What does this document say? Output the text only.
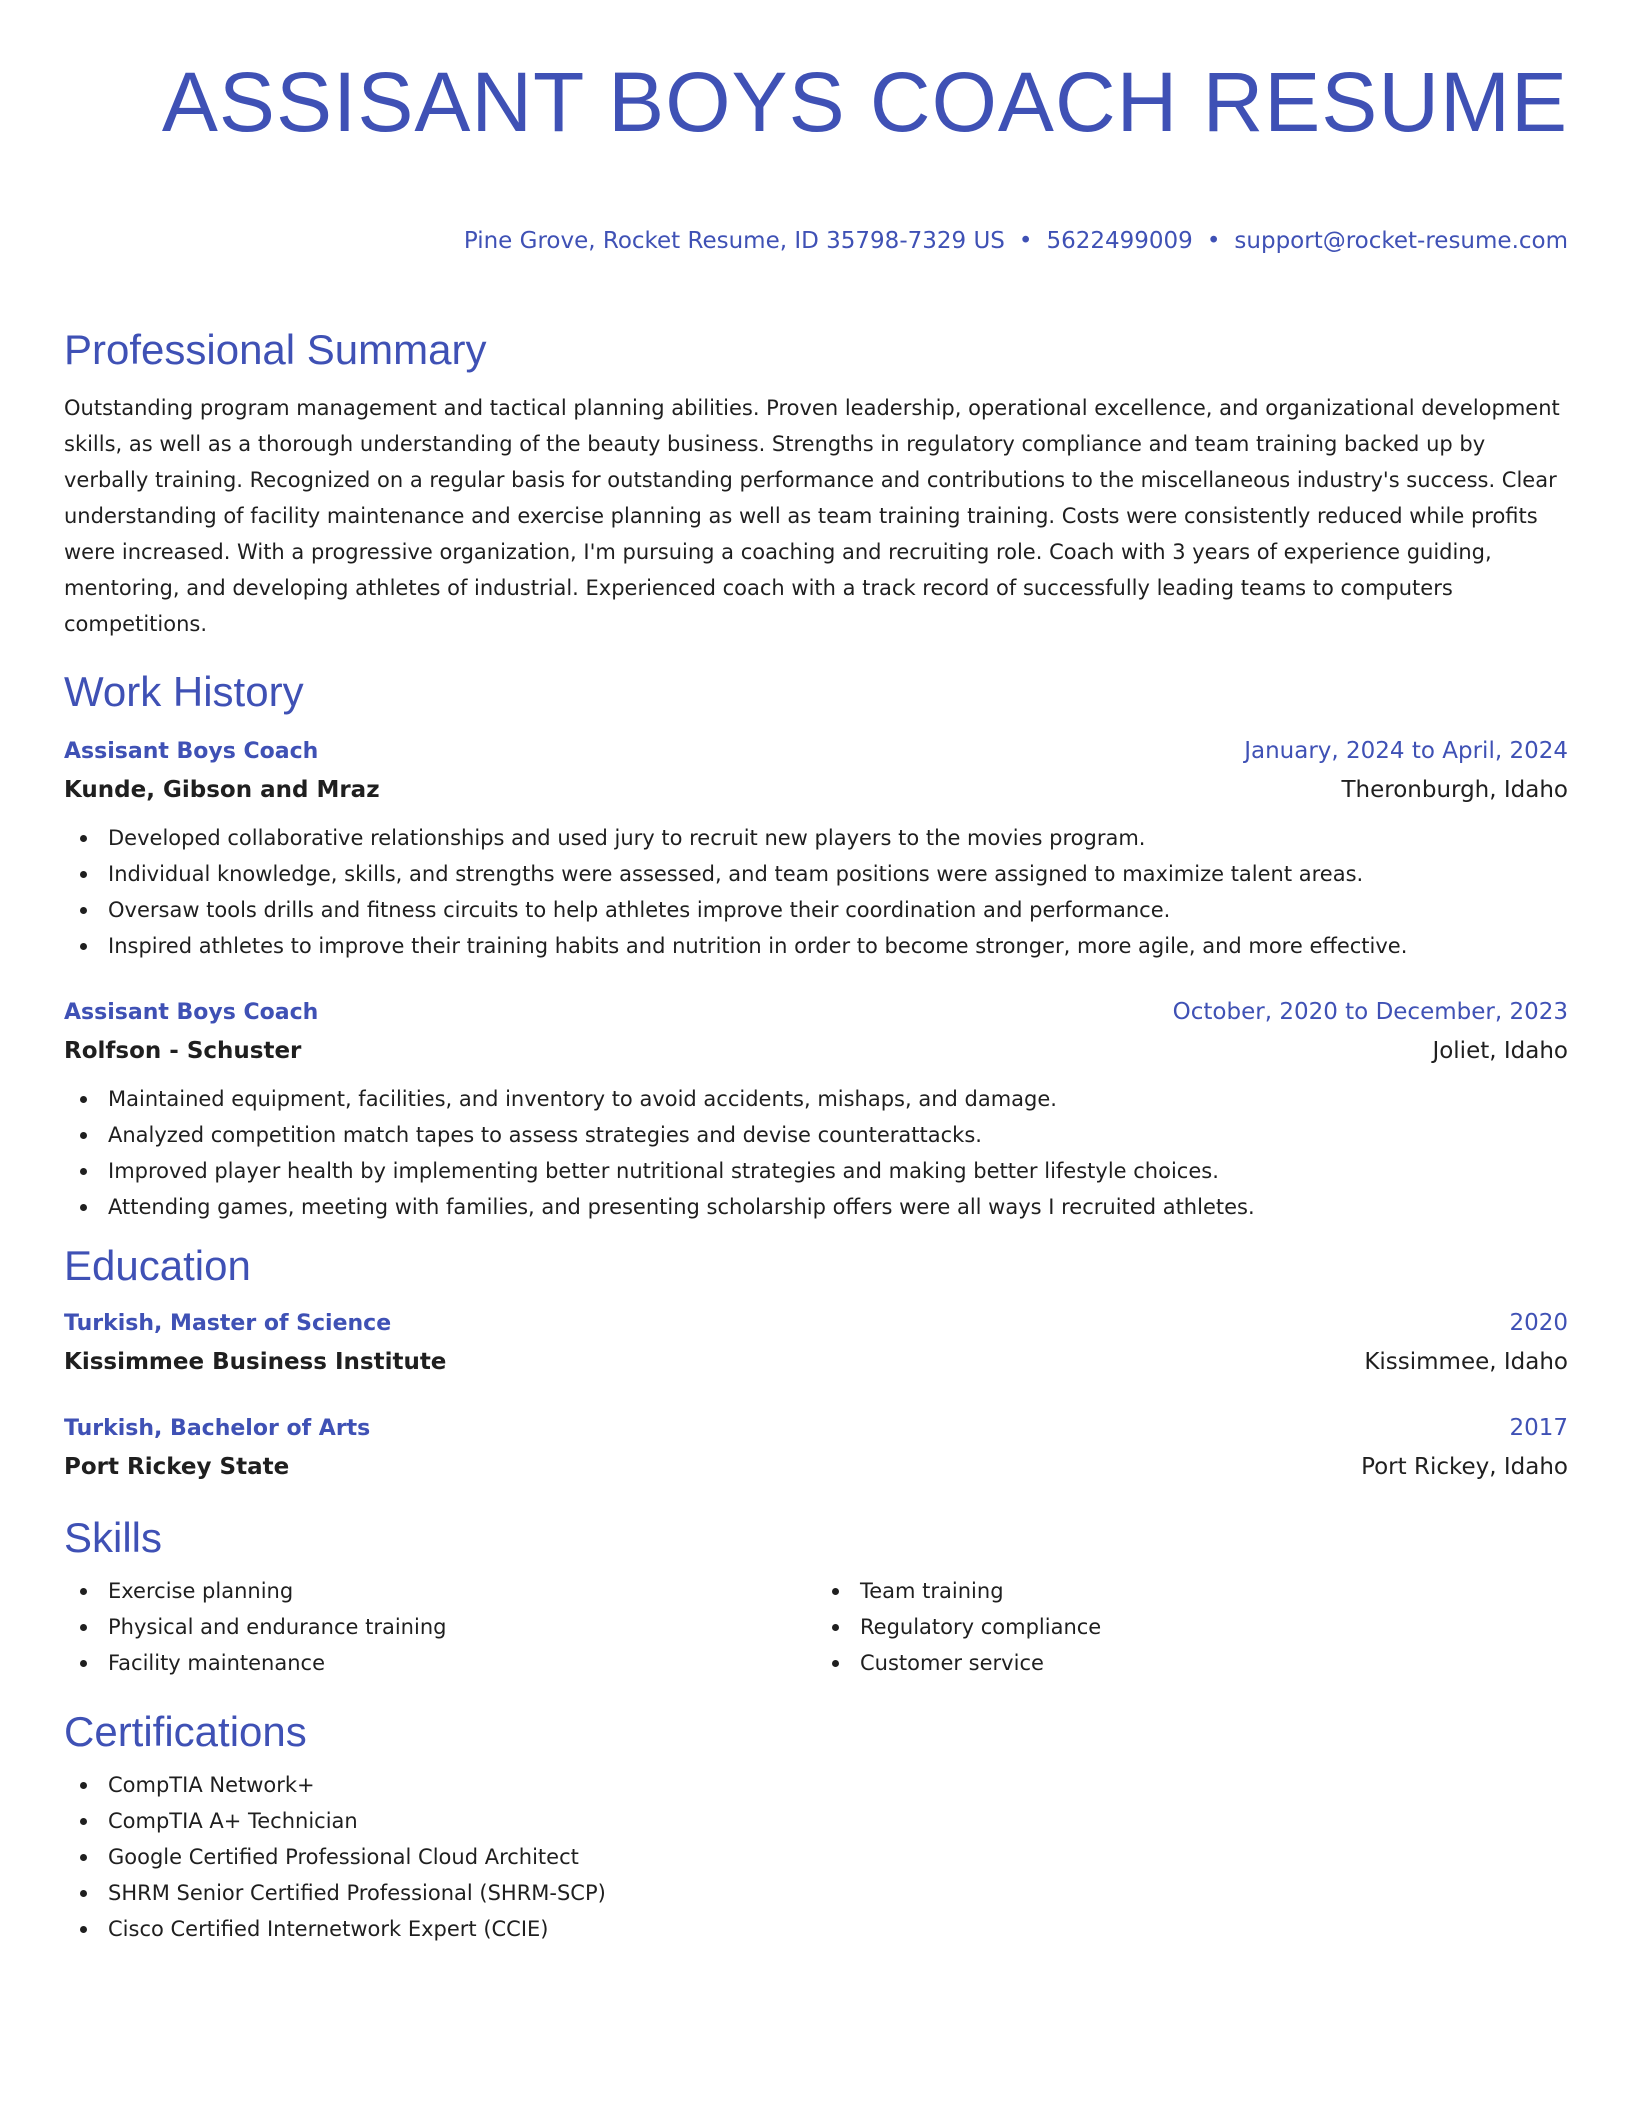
ASSISANT BOYS COACH RESUME
Pine Grove, Rocket Resume, ID 35798-7329 US • 5622499009 • support@rocket-resume.com
Professional Summary

Outstanding program management and tactical planning abilities. Proven leadership, operational excellence, and organizational development skills, as well as a thorough understanding of the beauty business. Strengths in regulatory compliance and team training backed up by verbally training. Recognized on a regular basis for outstanding performance and contributions to the miscellaneous industry's success. Clear understanding of facility maintenance and exercise planning as well as team training training. Costs were consistently reduced while profits were increased. With a progressive organization, I'm pursuing a coaching and recruiting role. Coach with 3 years of experience guiding, mentoring, and developing athletes of industrial. Experienced coach with a track record of successfully leading teams to computers competitions.

Work History
Assisant Boys Coach	January, 2024 to April, 2024
Kunde, Gibson and Mraz	Theronburgh, Idaho
Developed collaborative relationships and used jury to recruit new players to the movies program.
Individual knowledge, skills, and strengths were assessed, and team positions were assigned to maximize talent areas.
Oversaw tools drills and fitness circuits to help athletes improve their coordination and performance.
Inspired athletes to improve their training habits and nutrition in order to become stronger, more agile, and more effective.
Assisant Boys Coach	October, 2020 to December, 2023
Rolfson - Schuster	Joliet, Idaho
Maintained equipment, facilities, and inventory to avoid accidents, mishaps, and damage.
Analyzed competition match tapes to assess strategies and devise counterattacks.
Improved player health by implementing better nutritional strategies and making better lifestyle choices.
Attending games, meeting with families, and presenting scholarship offers were all ways I recruited athletes.
Education
Turkish, Master of Science	2020
Kissimmee Business Institute	Kissimmee, Idaho
Turkish, Bachelor of Arts	2017
Port Rickey State	Port Rickey, Idaho
Skills
Exercise planning
Physical and endurance training
Facility maintenance
Team training
Regulatory compliance
Customer service
Certifications
CompTIA Network+
CompTIA A+ Technician
Google Certified Professional Cloud Architect
SHRM Senior Certified Professional (SHRM-SCP)
Cisco Certified Internetwork Expert (CCIE)
